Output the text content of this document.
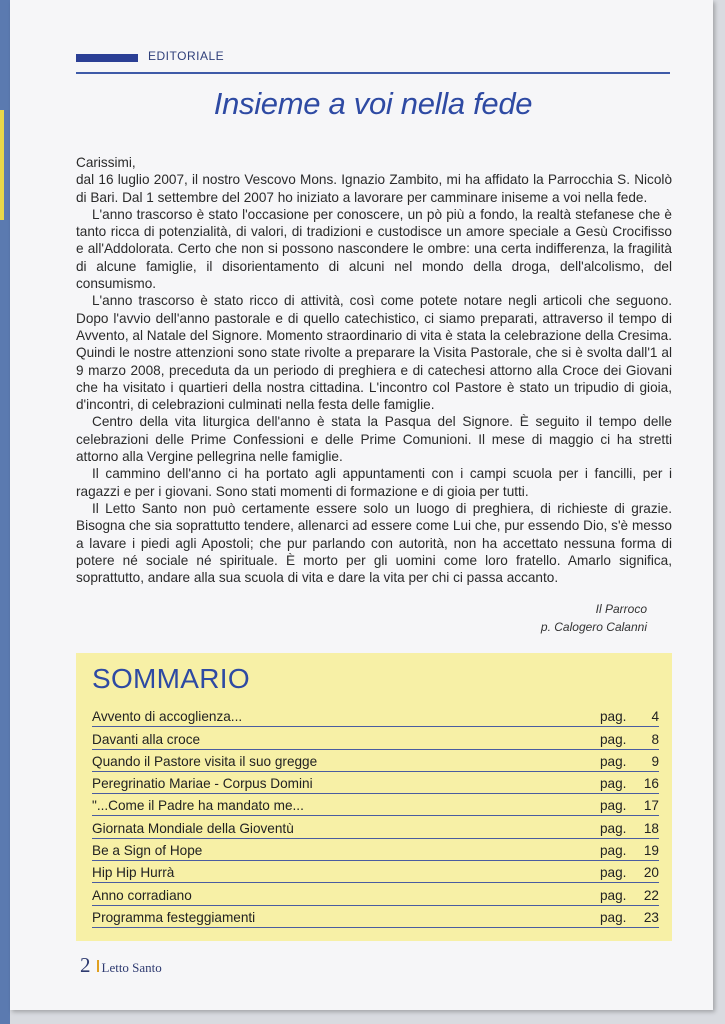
EDITORIALE
Insieme a voi nella fede

Carissimi,

dal 16 luglio 2007, il nostro Vescovo Mons. Ignazio Zambito, mi ha affidato la Parrocchia S. Nicolò di Bari. Dal 1 settembre del 2007 ho iniziato a lavorare per camminare iniseme a voi nella fede.

L'anno trascorso è stato l'occasione per conoscere, un pò più a fondo, la realtà stefanese che è tanto ricca di potenzialità, di valori, di tradizioni e custodisce un amore speciale a Gesù Crocifisso e all'Addolorata. Certo che non si possono nascondere le ombre: una certa indifferenza, la fragilità di alcune famiglie, il disorientamento di alcuni nel mondo della droga, dell'alcolismo, del consumismo.

L'anno trascorso è stato ricco di attività, così come potete notare negli articoli che seguono. Dopo l'avvio dell'anno pastorale e di quello catechistico, ci siamo preparati, attraverso il tempo di Avvento, al Natale del Signore. Momento straordinario di vita è stata la celebrazione della Cresima. Quindi le nostre attenzioni sono state rivolte a preparare la Visita Pastorale, che si è svolta dall'1 al 9 marzo 2008, preceduta da un periodo di preghiera e di catechesi attorno alla Croce dei Giovani che ha visitato i quartieri della nostra cittadina. L'incontro col Pastore è stato un tripudio di gioia, d'incontri, di celebrazioni culminati nella festa delle famiglie.

Centro della vita liturgica dell'anno è stata la Pasqua del Signore. È seguito il tempo delle celebrazioni delle Prime Confessioni e delle Prime Comunioni. Il mese di maggio ci ha stretti attorno alla Vergine pellegrina nelle famiglie.

Il cammino dell'anno ci ha portato agli appuntamenti con i campi scuola per i fancilli, per i ragazzi e per i giovani. Sono stati momenti di formazione e di gioia per tutti.

Il Letto Santo non può certamente essere solo un luogo di preghiera, di richieste di grazie. Bisogna che sia soprattutto tendere, allenarci ad essere come Lui che, pur essendo Dio, s'è messo a lavare i piedi agli Apostoli; che pur parlando con autorità, non ha accettato nessuna forma di potere né sociale né spirituale. È morto per gli uomini come loro fratello. Amarlo significa, soprattutto, andare alla sua scuola di vita e dare la vita per chi ci passa accanto.

Il Parroco
p. Calogero Calanni
SOMMARIO
Avvento di accoglienza...	pag. 4
Davanti alla croce	pag. 8
Quando il Pastore visita il suo gregge	pag. 9
Peregrinatio Mariae - Corpus Domini	pag. 16
"...Come il Padre ha mandato me...	pag. 17
Giornata Mondiale della Gioventù	pag. 18
Be a Sign of Hope	pag. 19
Hip Hip Hurrà	pag. 20
Anno corradiano	pag. 22
Programma festeggiamenti	pag. 23
2 Letto Santo
